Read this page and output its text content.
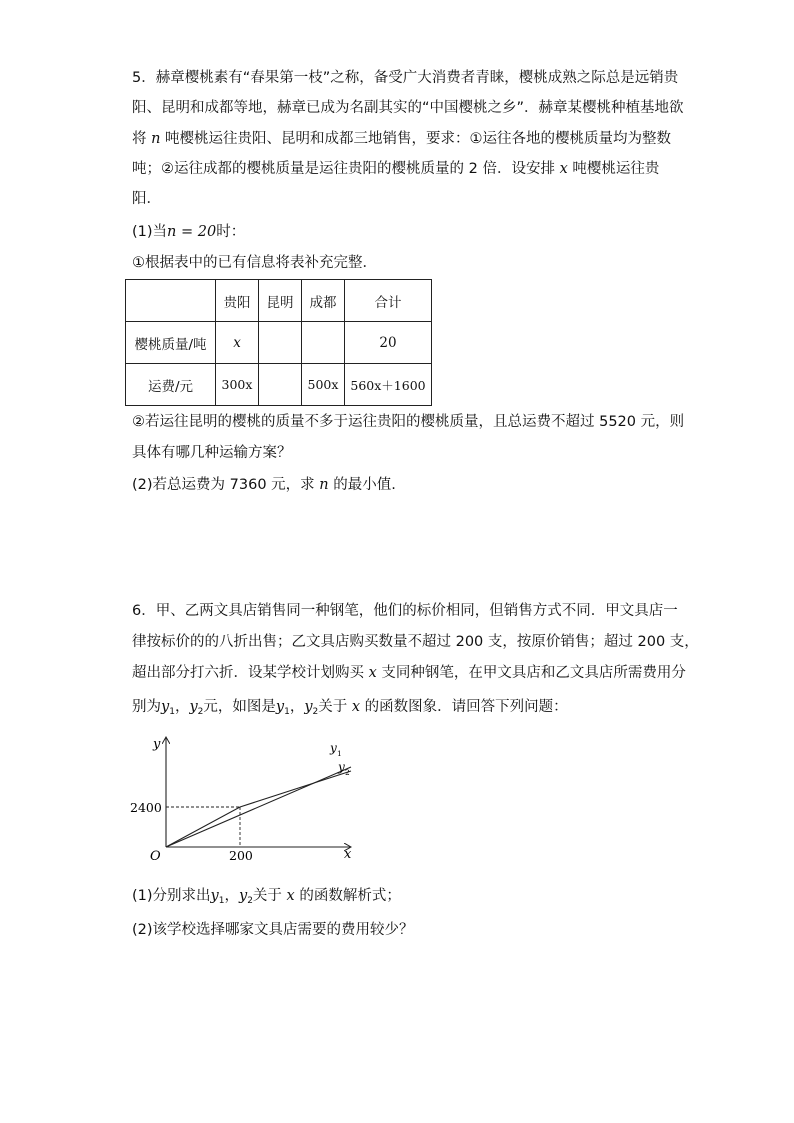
5．赫章樱桃素有“春果第一枝”之称，备受广大消费者青睐，樱桃成熟之际总是远销贵
阳、昆明和成都等地，赫章已成为名副其实的“中国樱桃之乡”．赫章某樱桃种植基地欲
将 n 吨樱桃运往贵阳、昆明和成都三地销售，要求：①运往各地的樱桃质量均为整数
吨；②运往成都的樱桃质量是运往贵阳的樱桃质量的 2 倍．设安排 x 吨樱桃运往贵
阳．
(1)当n = 20时：
①根据表中的已有信息将表补充完整．
	贵阳	昆明	成都	合计
樱桃质量/吨	x			20
运费/元	300x		500x	560x＋1600
②若运往昆明的樱桃的质量不多于运往贵阳的樱桃质量，且总运费不超过 5520 元，则
具体有哪几种运输方案？
(2)若总运费为 7360 元，求 n 的最小值.
6．甲、乙两文具店销售同一种钢笔，他们的标价相同，但销售方式不同．甲文具店一
律按标价的的八折出售；乙文具店购买数量不超过 200 支，按原价销售；超过 200 支，
超出部分打六折．设某学校计划购买 x 支同种钢笔，在甲文具店和乙文具店所需费用分
别为$y_1$，$y_2$元，如图是$y_1$，$y_2$关于 x 的函数图象．请回答下列问题：
x
y
O	200
2400
y 1
y 2
(1)分别求出$y_1$，$y_2$关于 x 的函数解析式；
(2)该学校选择哪家文具店需要的费用较少？
